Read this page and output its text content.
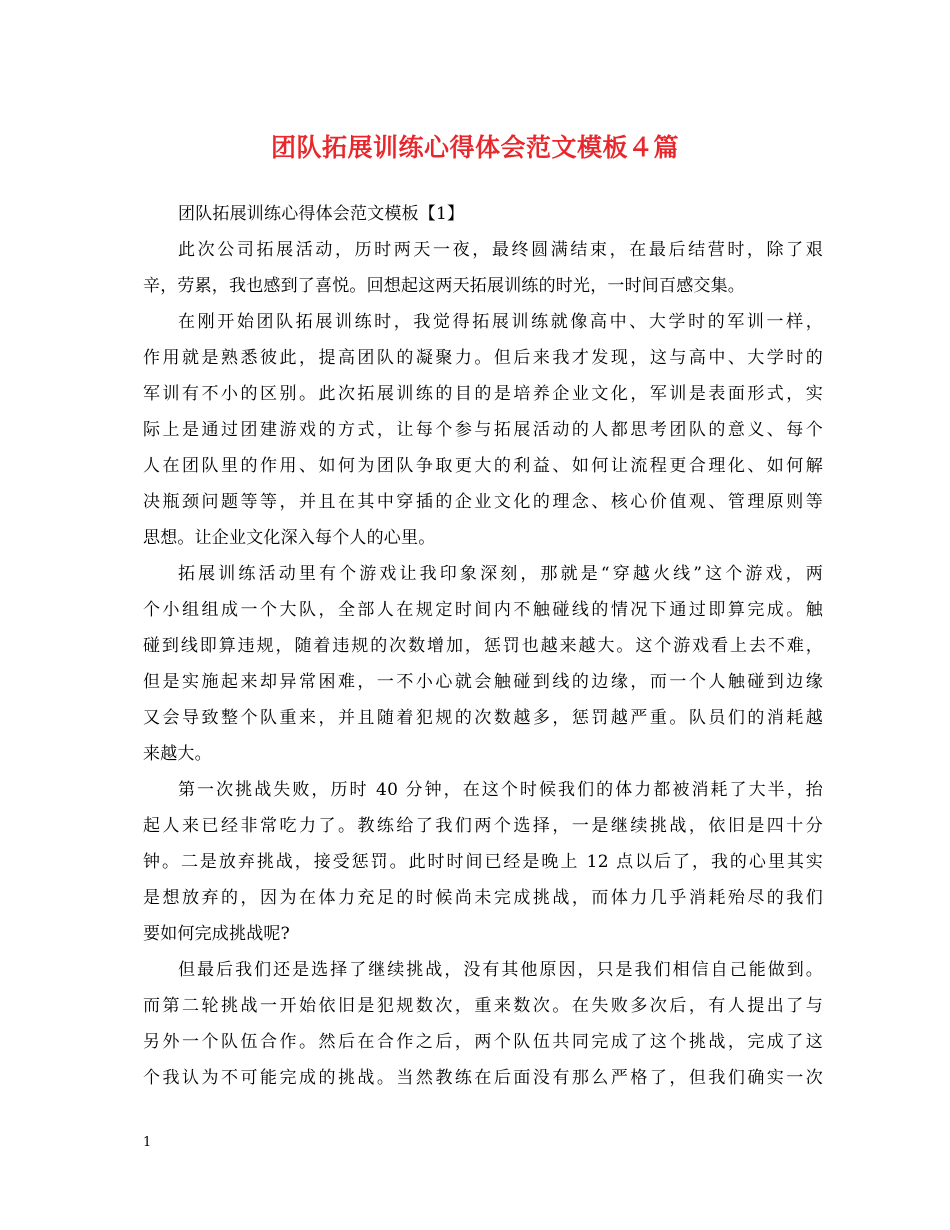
团队拓展训练心得体会范文模板４篇
团队拓展训练心得体会范文模板【1】
此次公司拓展活动，历时两天一夜，最终圆满结束，在最后结营时，除了艰
辛，劳累，我也感到了喜悦。回想起这两天拓展训练的时光，一时间百感交集。
在刚开始团队拓展训练时，我觉得拓展训练就像高中、大学时的军训一样，
作用就是熟悉彼此，提高团队的凝聚力。但后来我才发现，这与高中、大学时的
军训有不小的区别。此次拓展训练的目的是培养企业文化，军训是表面形式，实
际上是通过团建游戏的方式，让每个参与拓展活动的人都思考团队的意义、每个
人在团队里的作用、如何为团队争取更大的利益、如何让流程更合理化、如何解
决瓶颈问题等等，并且在其中穿插的企业文化的理念、核心价值观、管理原则等
思想。让企业文化深入每个人的心里。
拓展训练活动里有个游戏让我印象深刻，那就是“穿越火线”这个游戏，两
个小组组成一个大队，全部人在规定时间内不触碰线的情况下通过即算完成。触
碰到线即算违规，随着违规的次数增加，惩罚也越来越大。这个游戏看上去不难，
但是实施起来却异常困难，一不小心就会触碰到线的边缘，而一个人触碰到边缘
又会导致整个队重来，并且随着犯规的次数越多，惩罚越严重。队员们的消耗越
来越大。
第一次挑战失败，历时 40 分钟，在这个时候我们的体力都被消耗了大半，抬
起人来已经非常吃力了。教练给了我们两个选择，一是继续挑战，依旧是四十分
钟。二是放弃挑战，接受惩罚。此时时间已经是晚上 12 点以后了，我的心里其实
是想放弃的，因为在体力充足的时候尚未完成挑战，而体力几乎消耗殆尽的我们
要如何完成挑战呢?
但最后我们还是选择了继续挑战，没有其他原因，只是我们相信自己能做到。
而第二轮挑战一开始依旧是犯规数次，重来数次。在失败多次后，有人提出了与
另外一个队伍合作。然后在合作之后，两个队伍共同完成了这个挑战，完成了这
个我认为不可能完成的挑战。当然教练在后面没有那么严格了，但我们确实一次
1
